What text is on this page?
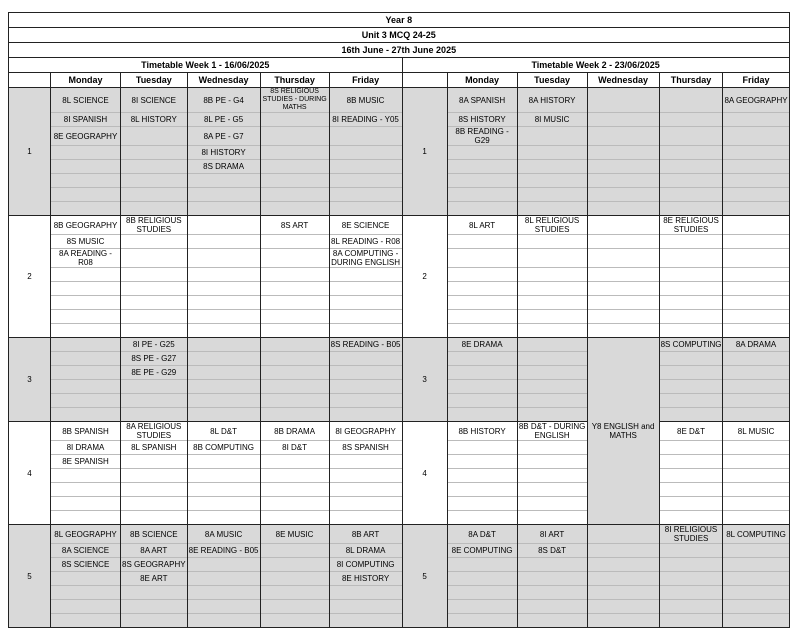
Year 8											
Unit 3 MCQ 24-25											
16th June - 27th June 2025											
Timetable Week 1 - 16/06/2025						Timetable Week 2 - 23/06/2025					
	Monday	Tuesday	Wednesday	Thursday	Friday		Monday	Tuesday	Wednesday	Thursday	Friday
1	8L SCIENCE	8I SCIENCE	8B PE - G4	8S RELIGIOUS STUDIES - DURING MATHS	8B MUSIC	1	8A SPANISH	8A HISTORY			8A GEOGRAPHY
	8I SPANISH	8L HISTORY	8L PE - G5		8I READING - Y05		8S HISTORY	8I MUSIC			
	8E GEOGRAPHY		8A PE - G7				8B READING - G29				
			8I HISTORY								
			8S DRAMA								

2	8B GEOGRAPHY	8B RELIGIOUS STUDIES		8S ART	8E SCIENCE	2	8L ART	8L RELIGIOUS STUDIES		8E RELIGIOUS STUDIES	
	8S MUSIC				8L READING - R08						
	8A READING - R08				8A COMPUTING - DURING ENGLISH						

3		8I PE - G25			8S READING - B05	3	8E DRAMA		Y8 ENGLISH and MATHS	8S COMPUTING	8A DRAMA
		8S PE - G27									
		8E PE - G29									

4	8B SPANISH	8A RELIGIOUS STUDIES	8L D&T	8B DRAMA	8I GEOGRAPHY	4	8B HISTORY	8B D&T - DURING ENGLISH		8E D&T	8L MUSIC
	8I DRAMA	8L SPANISH	8B COMPUTING	8I D&T	8S SPANISH						
	8E SPANISH										

5	8L GEOGRAPHY	8B SCIENCE	8A MUSIC	8E MUSIC	8B ART	5	8A D&T	8I ART		8I RELIGIOUS STUDIES	8L COMPUTING
	8A SCIENCE	8A ART	8E READING - B05		8L DRAMA		8E COMPUTING	8S D&T			
	8S SCIENCE	8S GEOGRAPHY			8I COMPUTING						
		8E ART			8E HISTORY						
